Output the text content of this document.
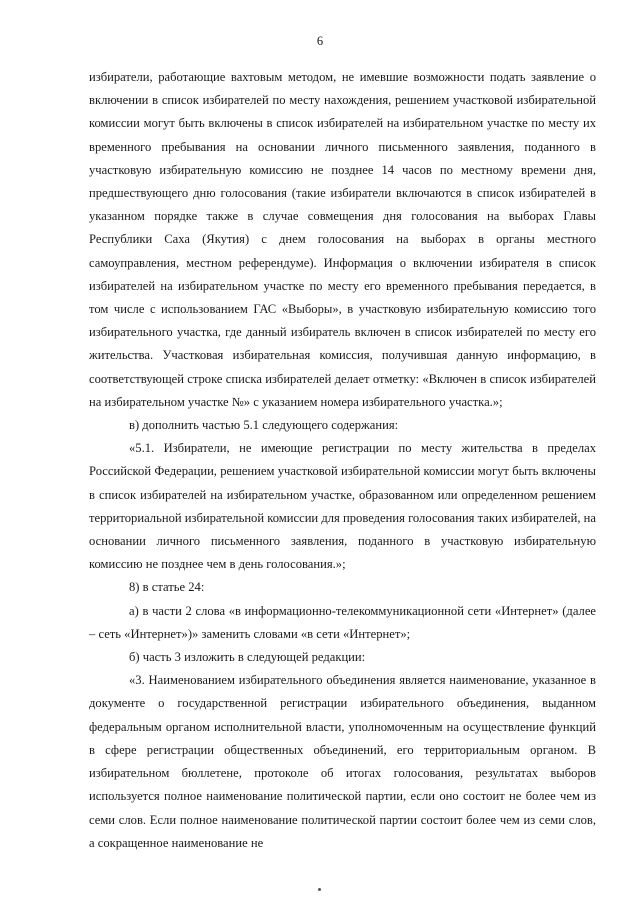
6

избиратели, работающие вахтовым методом, не имевшие возможности подать заявление о включении в список избирателей по месту нахождения, решением участковой избирательной комиссии могут быть включены в список избирателей на избирательном участке по месту их временного пребывания на основании личного письменного заявления, поданного в участковую избирательную комиссию не позднее 14 часов по местному времени дня, предшествующего дню голосования (такие избиратели включаются в список избирателей в указанном порядке также в случае совмещения дня голосования на выборах Главы Республики Саха (Якутия) с днем голосования на выборах в органы местного самоуправления, местном референдуме). Информация о включении избирателя в список избирателей на избирательном участке по месту его временного пребывания передается, в том числе с использованием ГАС «Выборы», в участковую избирательную комиссию того избирательного участка, где данный избиратель включен в список избирателей по месту его жительства. Участковая избирательная комиссия, получившая данную информацию, в соответствующей строке списка избирателей делает отметку: «Включен в список избирателей на избирательном участке №» с указанием номера избирательного участка.»;

в) дополнить частью 5.1 следующего содержания:

«5.1. Избиратели, не имеющие регистрации по месту жительства в пределах Российской Федерации, решением участковой избирательной комиссии могут быть включены в список избирателей на избирательном участке, образованном или определенном решением территориальной избирательной комиссии для проведения голосования таких избирателей, на основании личного письменного заявления, поданного в участковую избирательную комиссию не позднее чем в день голосования.»;

8) в статье 24:

а) в части 2 слова «в информационно-телекоммуникационной сети «Интернет» (далее – сеть «Интернет»)» заменить словами «в сети «Интернет»;

б) часть 3 изложить в следующей редакции:

«3. Наименованием избирательного объединения является наименование, указанное в документе о государственной регистрации избирательного объединения, выданном федеральным органом исполнительной власти, уполномоченным на осуществление функций в сфере регистрации общественных объединений, его территориальным органом. В избирательном бюллетене, протоколе об итогах голосования, результатах выборов используется полное наименование политической партии, если оно состоит не более чем из семи слов. Если полное наименование политической партии состоит более чем из семи слов, а сокращенное наименование не
